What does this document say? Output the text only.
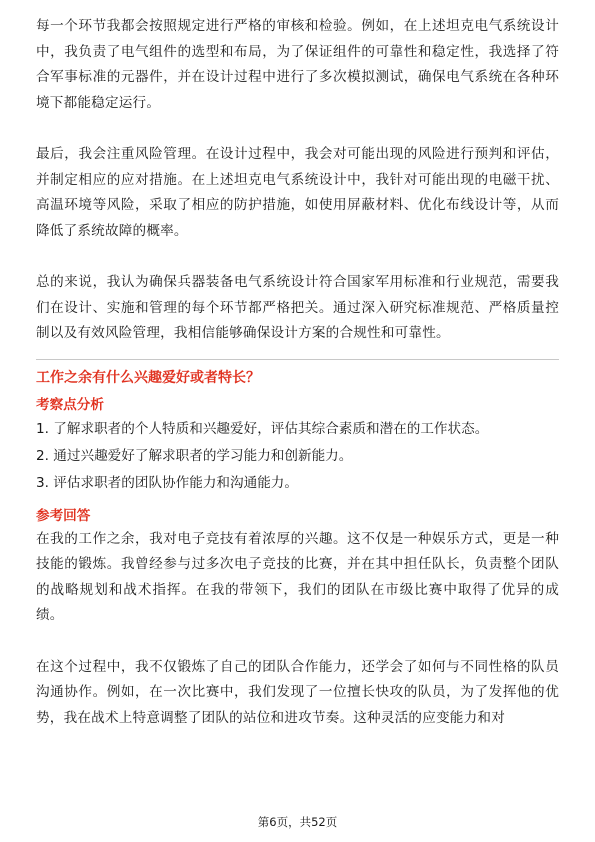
每一个环节我都会按照规定进行严格的审核和检验。例如，在上述坦克电气系统设计中，我负责了电气组件的选型和布局，为了保证组件的可靠性和稳定性，我选择了符合军事标准的元器件，并在设计过程中进行了多次模拟测试，确保电气系统在各种环境下都能稳定运行。

最后，我会注重风险管理。在设计过程中，我会对可能出现的风险进行预判和评估，并制定相应的应对措施。在上述坦克电气系统设计中，我针对可能出现的电磁干扰、高温环境等风险，采取了相应的防护措施，如使用屏蔽材料、优化布线设计等，从而降低了系统故障的概率。

总的来说，我认为确保兵器装备电气系统设计符合国家军用标准和行业规范，需要我们在设计、实施和管理的每个环节都严格把关。通过深入研究标准规范、严格质量控制以及有效风险管理，我相信能够确保设计方案的合规性和可靠性。

工作之余有什么兴趣爱好或者特长？

考察点分析

1. 了解求职者的个人特质和兴趣爱好，评估其综合素质和潜在的工作状态。

2. 通过兴趣爱好了解求职者的学习能力和创新能力。

3. 评估求职者的团队协作能力和沟通能力。

参考回答

在我的工作之余，我对电子竞技有着浓厚的兴趣。这不仅是一种娱乐方式，更是一种技能的锻炼。我曾经参与过多次电子竞技的比赛，并在其中担任队长，负责整个团队的战略规划和战术指挥。在我的带领下，我们的团队在市级比赛中取得了优异的成绩。

在这个过程中，我不仅锻炼了自己的团队合作能力，还学会了如何与不同性格的队员沟通协作。例如，在一次比赛中，我们发现了一位擅长快攻的队员，为了发挥他的优势，我在战术上特意调整了团队的站位和进攻节奏。这种灵活的应变能力和对

第6页，共52页
